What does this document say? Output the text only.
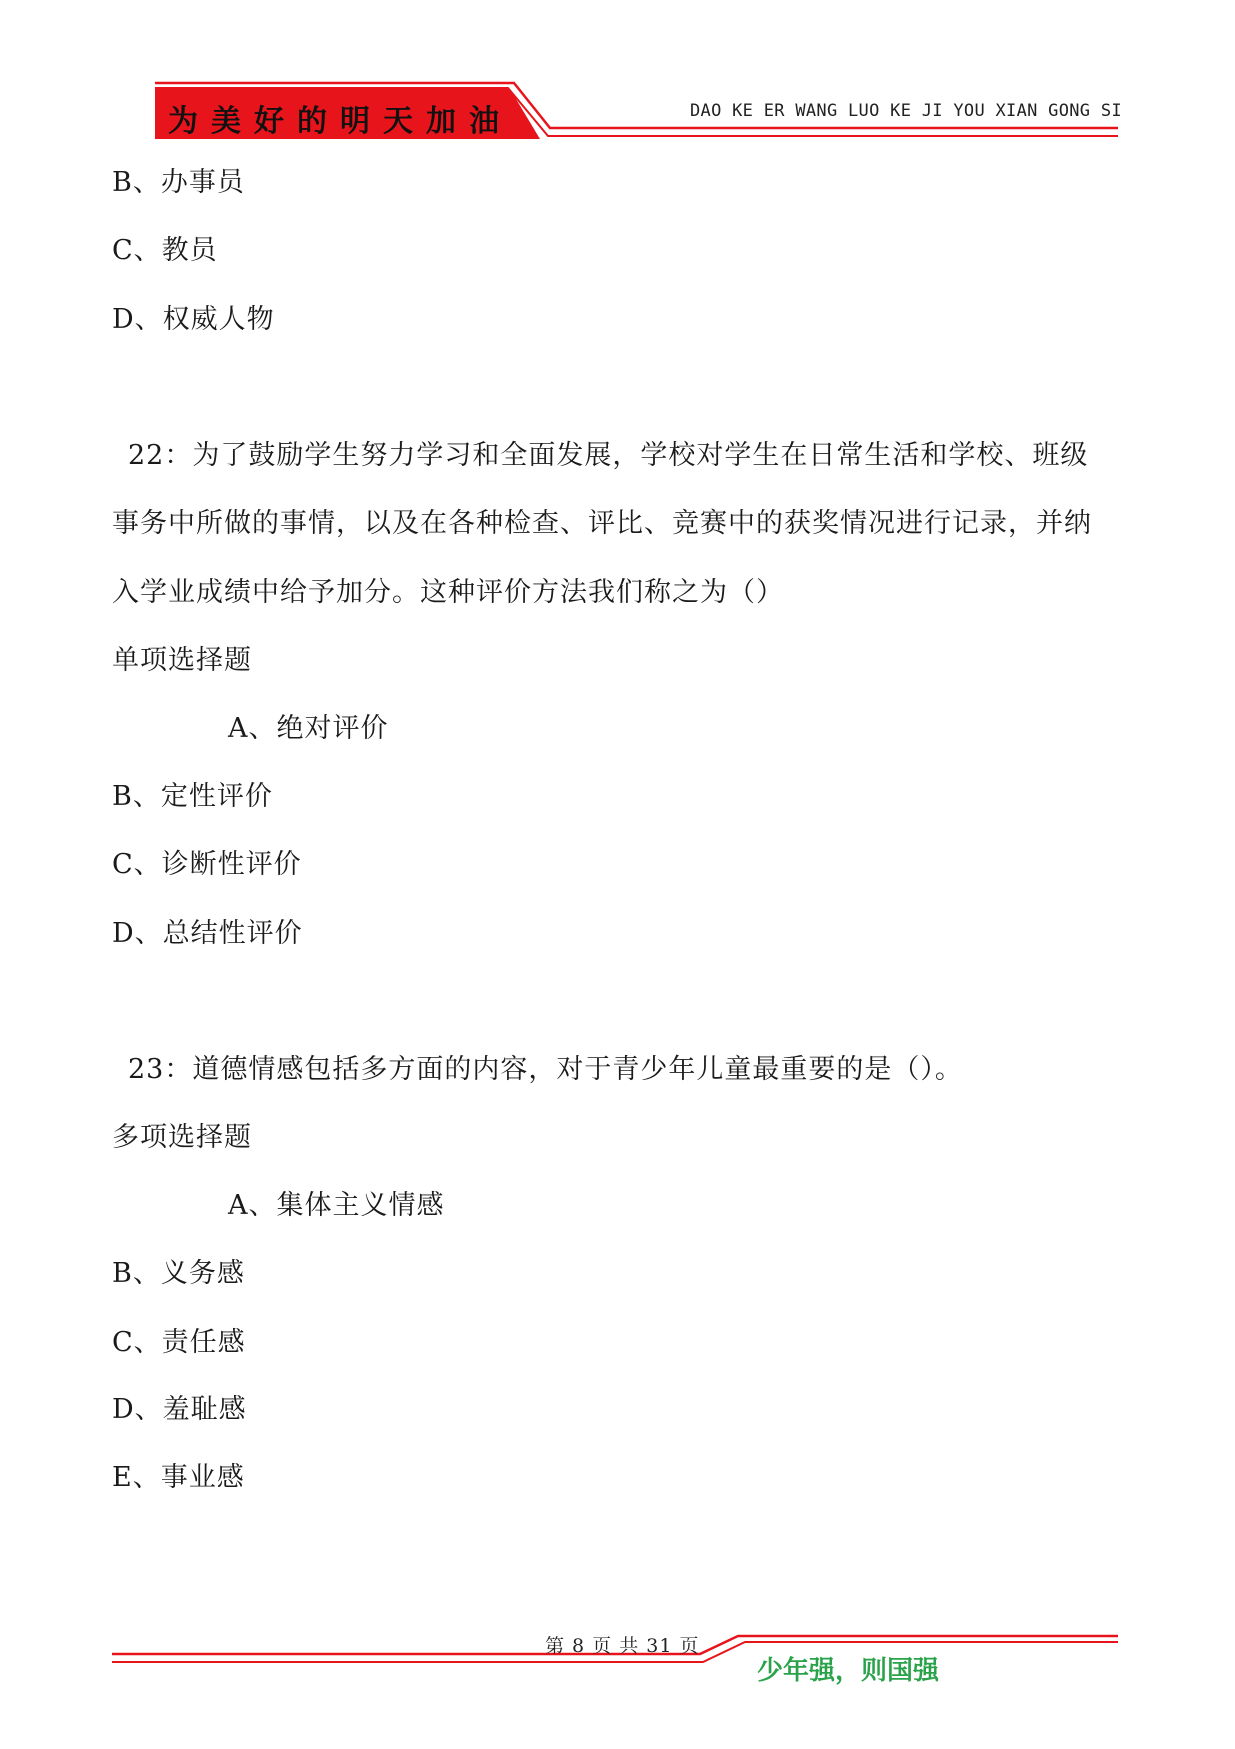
为美好的明天加油	DAO KE ER WANG LUO KE JI YOU XIAN GONG SI
B、办事员
C、教员
D、权威人物
22：为了鼓励学生努力学习和全面发展，学校对学生在日常生活和学校、班级
事务中所做的事情，以及在各种检查、评比、竞赛中的获奖情况进行记录，并纳
入学业成绩中给予加分。这种评价方法我们称之为（）
单项选择题
A、绝对评价
B、定性评价
C、诊断性评价
D、总结性评价
23：道德情感包括多方面的内容，对于青少年儿童最重要的是（）。
多项选择题
A、集体主义情感
B、义务感
C、责任感
D、羞耻感
E、事业感
第 8 页 共 31 页
少年强，则国强
